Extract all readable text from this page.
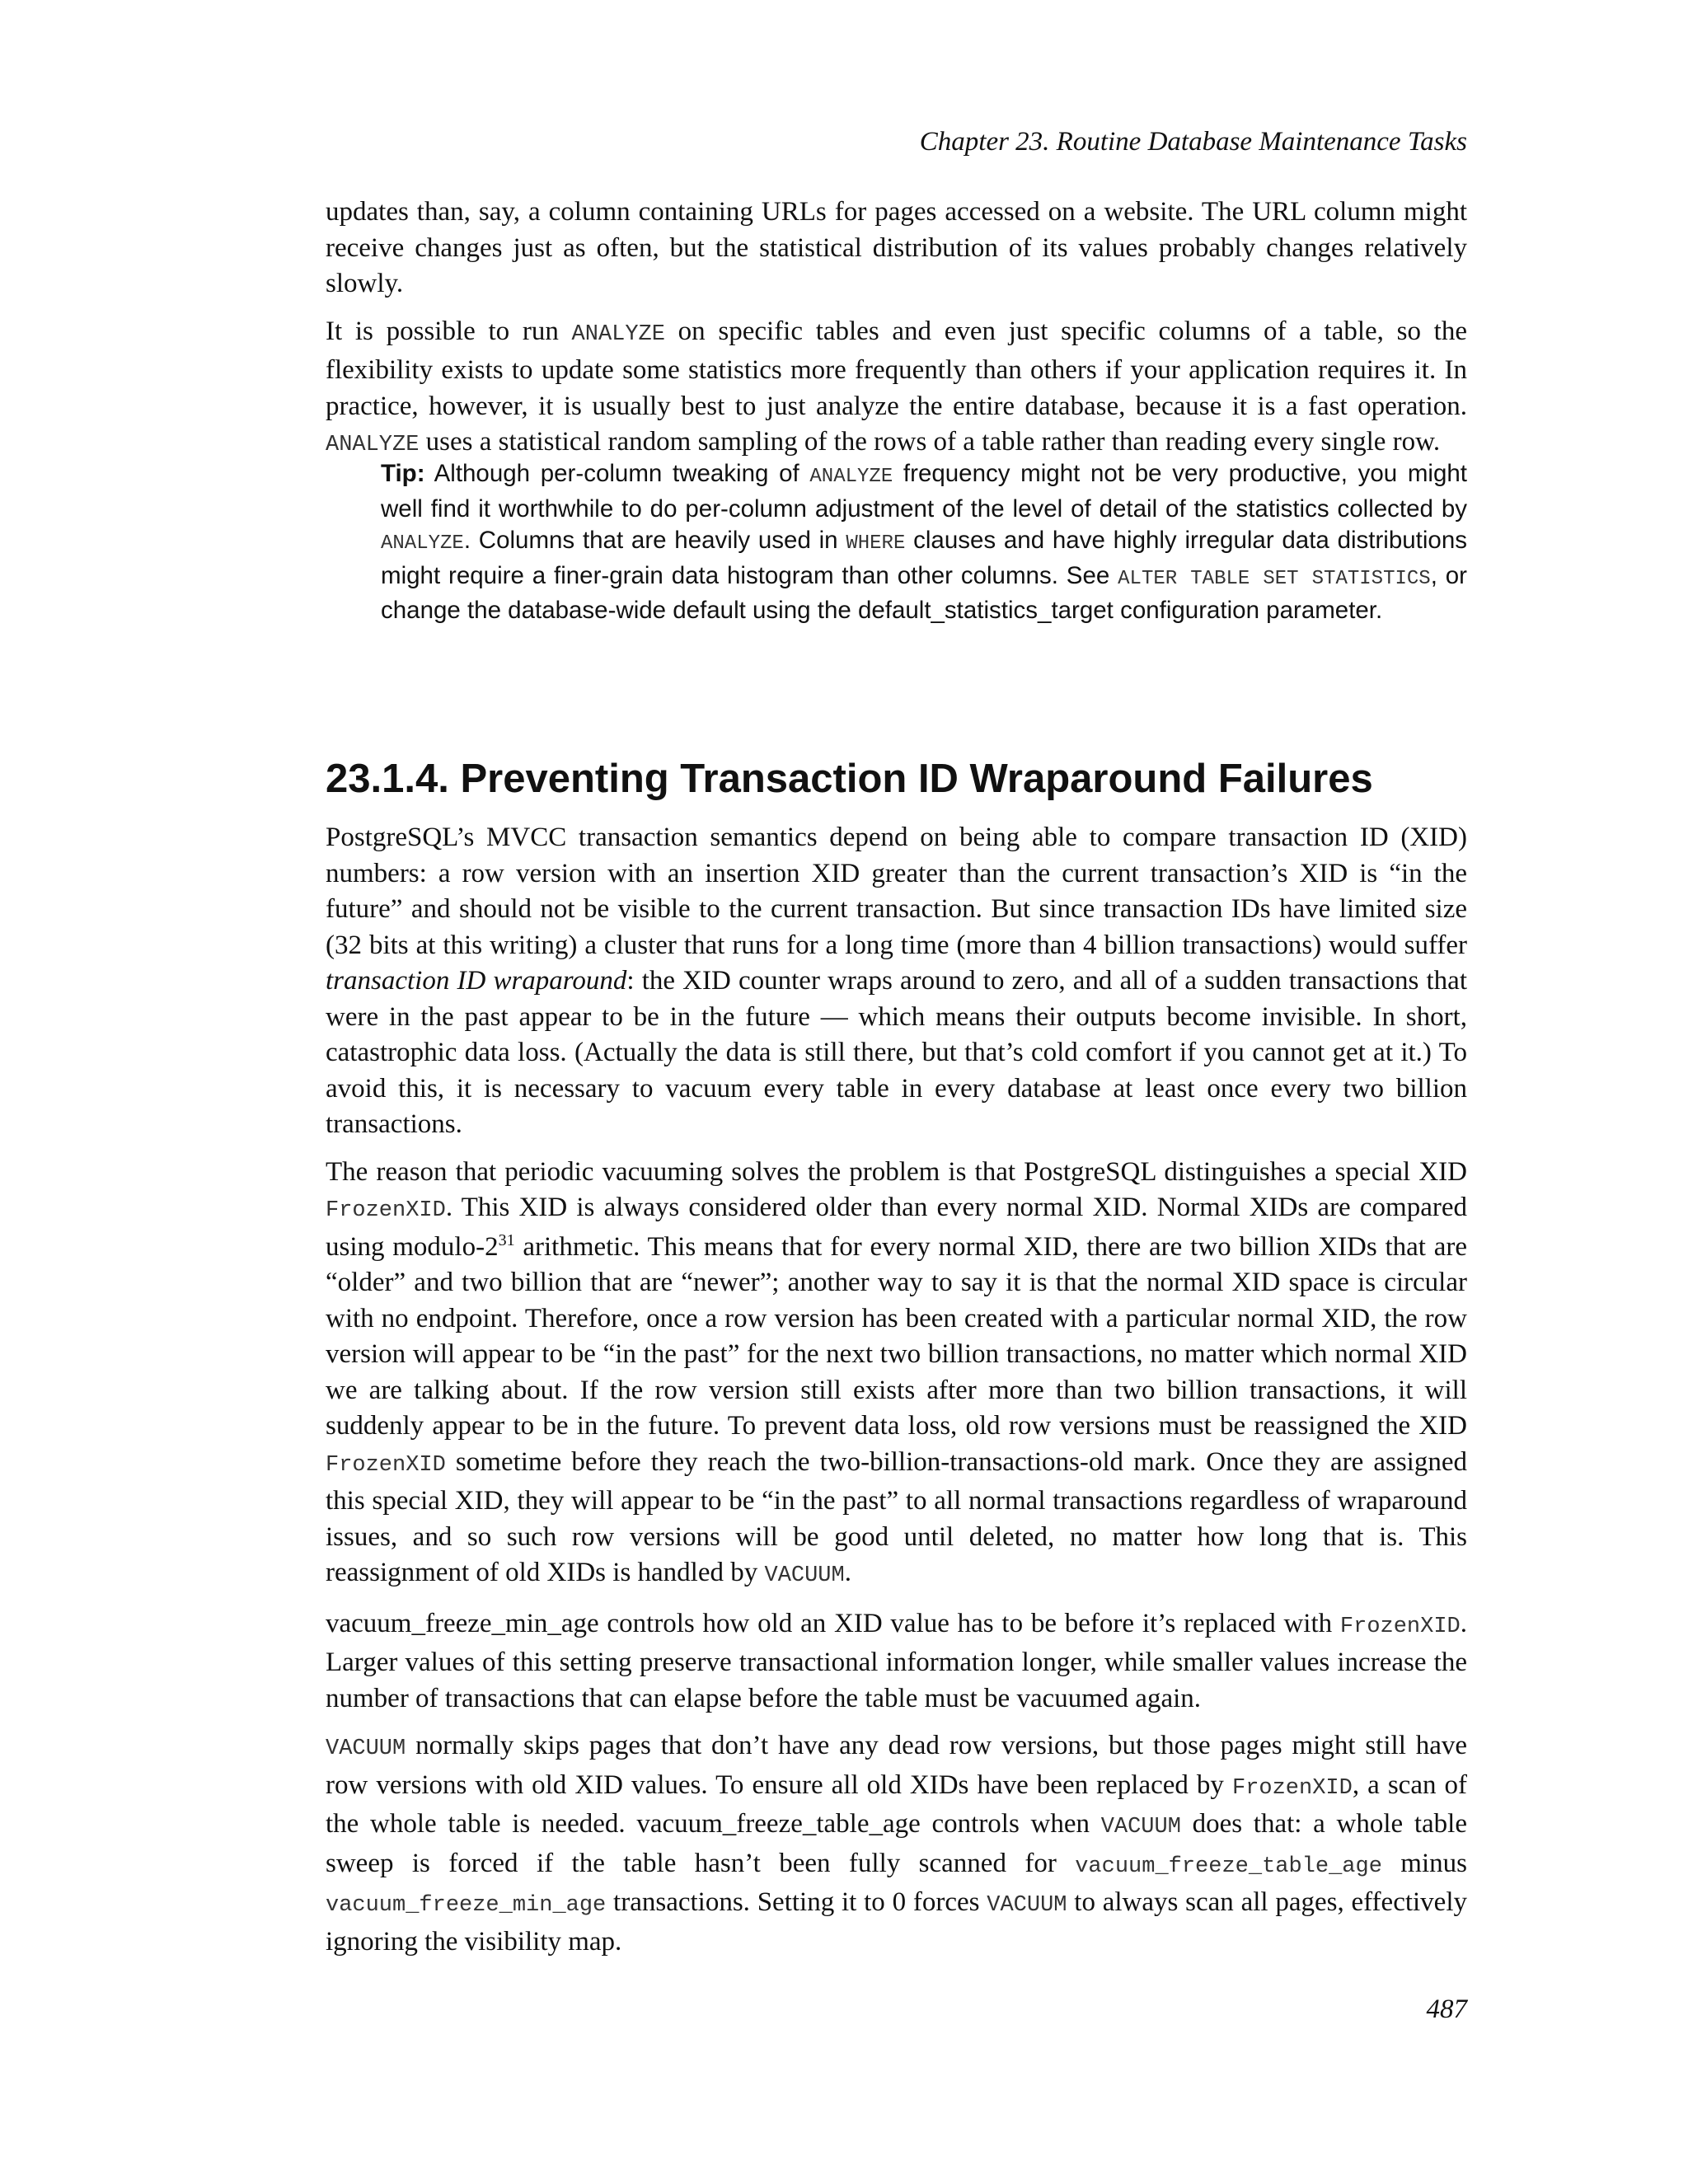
Chapter 23. Routine Database Maintenance Tasks

updates than, say, a column containing URLs for pages accessed on a website. The URL column might receive changes just as often, but the statistical distribution of its values probably changes relatively slowly.

It is possible to run ANALYZE on specific tables and even just specific columns of a table, so the flexibility exists to update some statistics more frequently than others if your application requires it. In practice, however, it is usually best to just analyze the entire database, because it is a fast operation. ANALYZE uses a statistical random sampling of the rows of a table rather than reading every single row.

Tip: Although per-column tweaking of ANALYZE frequency might not be very productive, you might well find it worthwhile to do per-column adjustment of the level of detail of the statistics collected by ANALYZE. Columns that are heavily used in WHERE clauses and have highly irregular data distributions might require a finer-grain data histogram than other columns. See ALTER TABLE SET STATISTICS, or change the database-wide default using the default_statistics_target configuration parameter.

23.1.4. Preventing Transaction ID Wraparound Failures

PostgreSQL’s MVCC transaction semantics depend on being able to compare transaction ID (XID) numbers: a row version with an insertion XID greater than the current transaction’s XID is “in the future” and should not be visible to the current transaction. But since transaction IDs have limited size (32 bits at this writing) a cluster that runs for a long time (more than 4 billion transactions) would suffer transaction ID wraparound: the XID counter wraps around to zero, and all of a sudden transactions that were in the past appear to be in the future — which means their outputs become invisible. In short, catastrophic data loss. (Actually the data is still there, but that’s cold comfort if you cannot get at it.) To avoid this, it is necessary to vacuum every table in every database at least once every two billion transactions.

The reason that periodic vacuuming solves the problem is that PostgreSQL distinguishes a special XID FrozenXID. This XID is always considered older than every normal XID. Normal XIDs are compared using modulo-$2^{31}$ arithmetic. This means that for every normal XID, there are two billion XIDs that are “older” and two billion that are “newer”; another way to say it is that the normal XID space is circular with no endpoint. Therefore, once a row version has been created with a particular normal XID, the row version will appear to be “in the past” for the next two billion transactions, no matter which normal XID we are talking about. If the row version still exists after more than two billion transactions, it will suddenly appear to be in the future. To prevent data loss, old row versions must be reassigned the XID FrozenXID sometime before they reach the two-billion-transactions-old mark. Once they are assigned this special XID, they will appear to be “in the past” to all normal transactions regardless of wraparound issues, and so such row versions will be good until deleted, no matter how long that is. This reassignment of old XIDs is handled by VACUUM.

vacuum_freeze_min_age controls how old an XID value has to be before it’s replaced with FrozenXID. Larger values of this setting preserve transactional information longer, while smaller values increase the number of transactions that can elapse before the table must be vacuumed again.

VACUUM normally skips pages that don’t have any dead row versions, but those pages might still have row versions with old XID values. To ensure all old XIDs have been replaced by FrozenXID, a scan of the whole table is needed. vacuum_freeze_table_age controls when VACUUM does that: a whole table sweep is forced if the table hasn’t been fully scanned for vacuum_freeze_table_age minus vacuum_freeze_min_age transactions. Setting it to 0 forces VACUUM to always scan all pages, effectively ignoring the visibility map.

487
